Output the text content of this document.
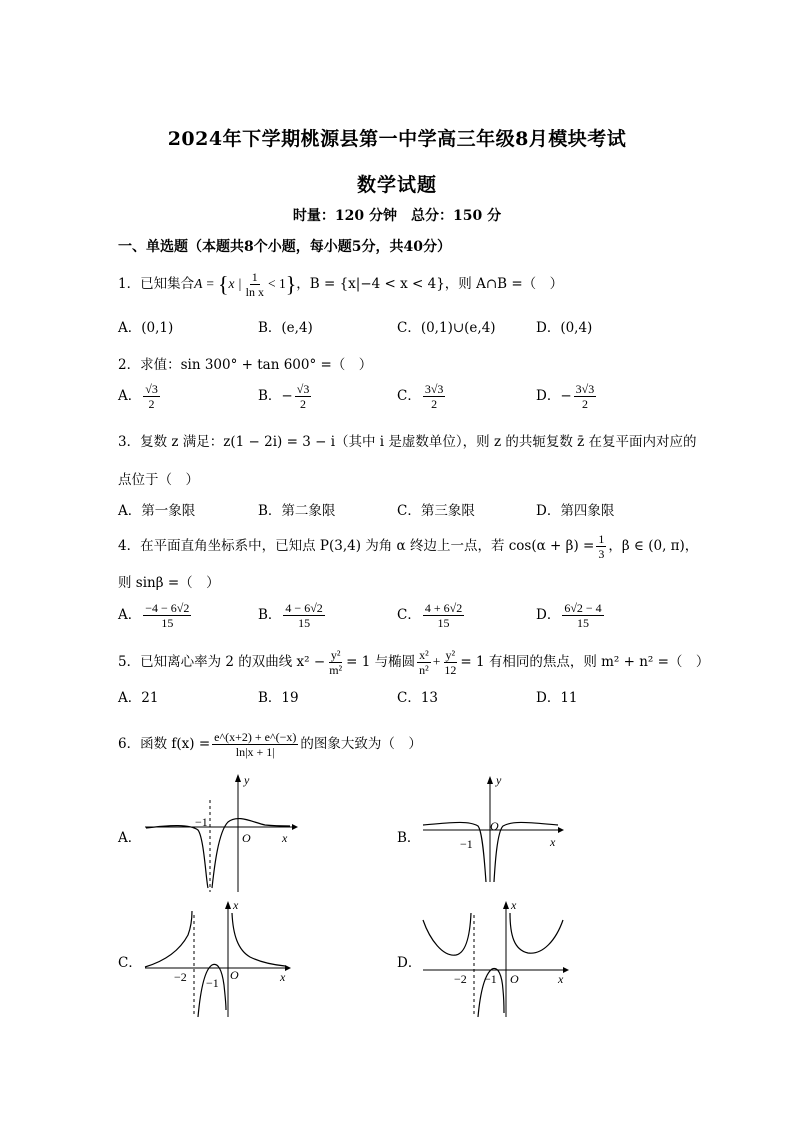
2024年下学期桃源县第一中学高三年级8月模块考试
数学试题
时量：120 分钟　总分：150 分
一、单选题（本题共8个小题，每小题5分，共40分）
1．已知集合A = {x | $\frac{1}{\text{ln x}} < 1$}，B = {x|−4 < x < 4}，则 A∩B =（　）
A．(0,1)	B．(e,4)	C．(0,1)∪(e,4)	D．(0,4)
2．求值：sin 300° + tan 600° =（　）
A． $\frac{√3}{2}$	B．− $\frac{√3}{2}$	C． $\frac{3√3}{2}$	D．− $\frac{3√3}{2}$
3．复数 z 满足：z(1 − 2i) = 3 − i（其中 i 是虚数单位），则 z 的共轭复数 z̄ 在复平面内对应的
点位于（　）
A．第一象限	B．第二象限	C．第三象限	D．第四象限
4．在平面直角坐标系中，已知点 P(3,4) 为角 α 终边上一点，若 $\cos(\alpha + \beta) = \frac{1}{3}$ ，β ∈ (0, π)，
则 sinβ =（　）
A． $\frac{-4 - 6√2}{15}$	B． $\frac{4 - 6√2}{15}$	C． $\frac{4 + 6√2}{15}$	D． $\frac{6√2 - 4}{15}$
5．已知离心率为 2 的双曲线 $x^2 - \frac{\text{y²}}{\text{m²}} = 1$ 与椭圆 $\frac{\text{x²}}{\text{n²}} + \frac{\text{y²}}{12} = 1$ 有相同的焦点，则 m² + n² =（　）
A．21	B．19	C．13	D．11
6．函数 $f(x) = \frac{e\^{}(x+2) + e\^{}(-x)}{\ln|x + 1|}$ 的图象大致为（　）
A．
−1
y
O	x	B．	−1
y
O
x
C．
−2 −1
x
O	x
D．
−2 −1
x
O	x
